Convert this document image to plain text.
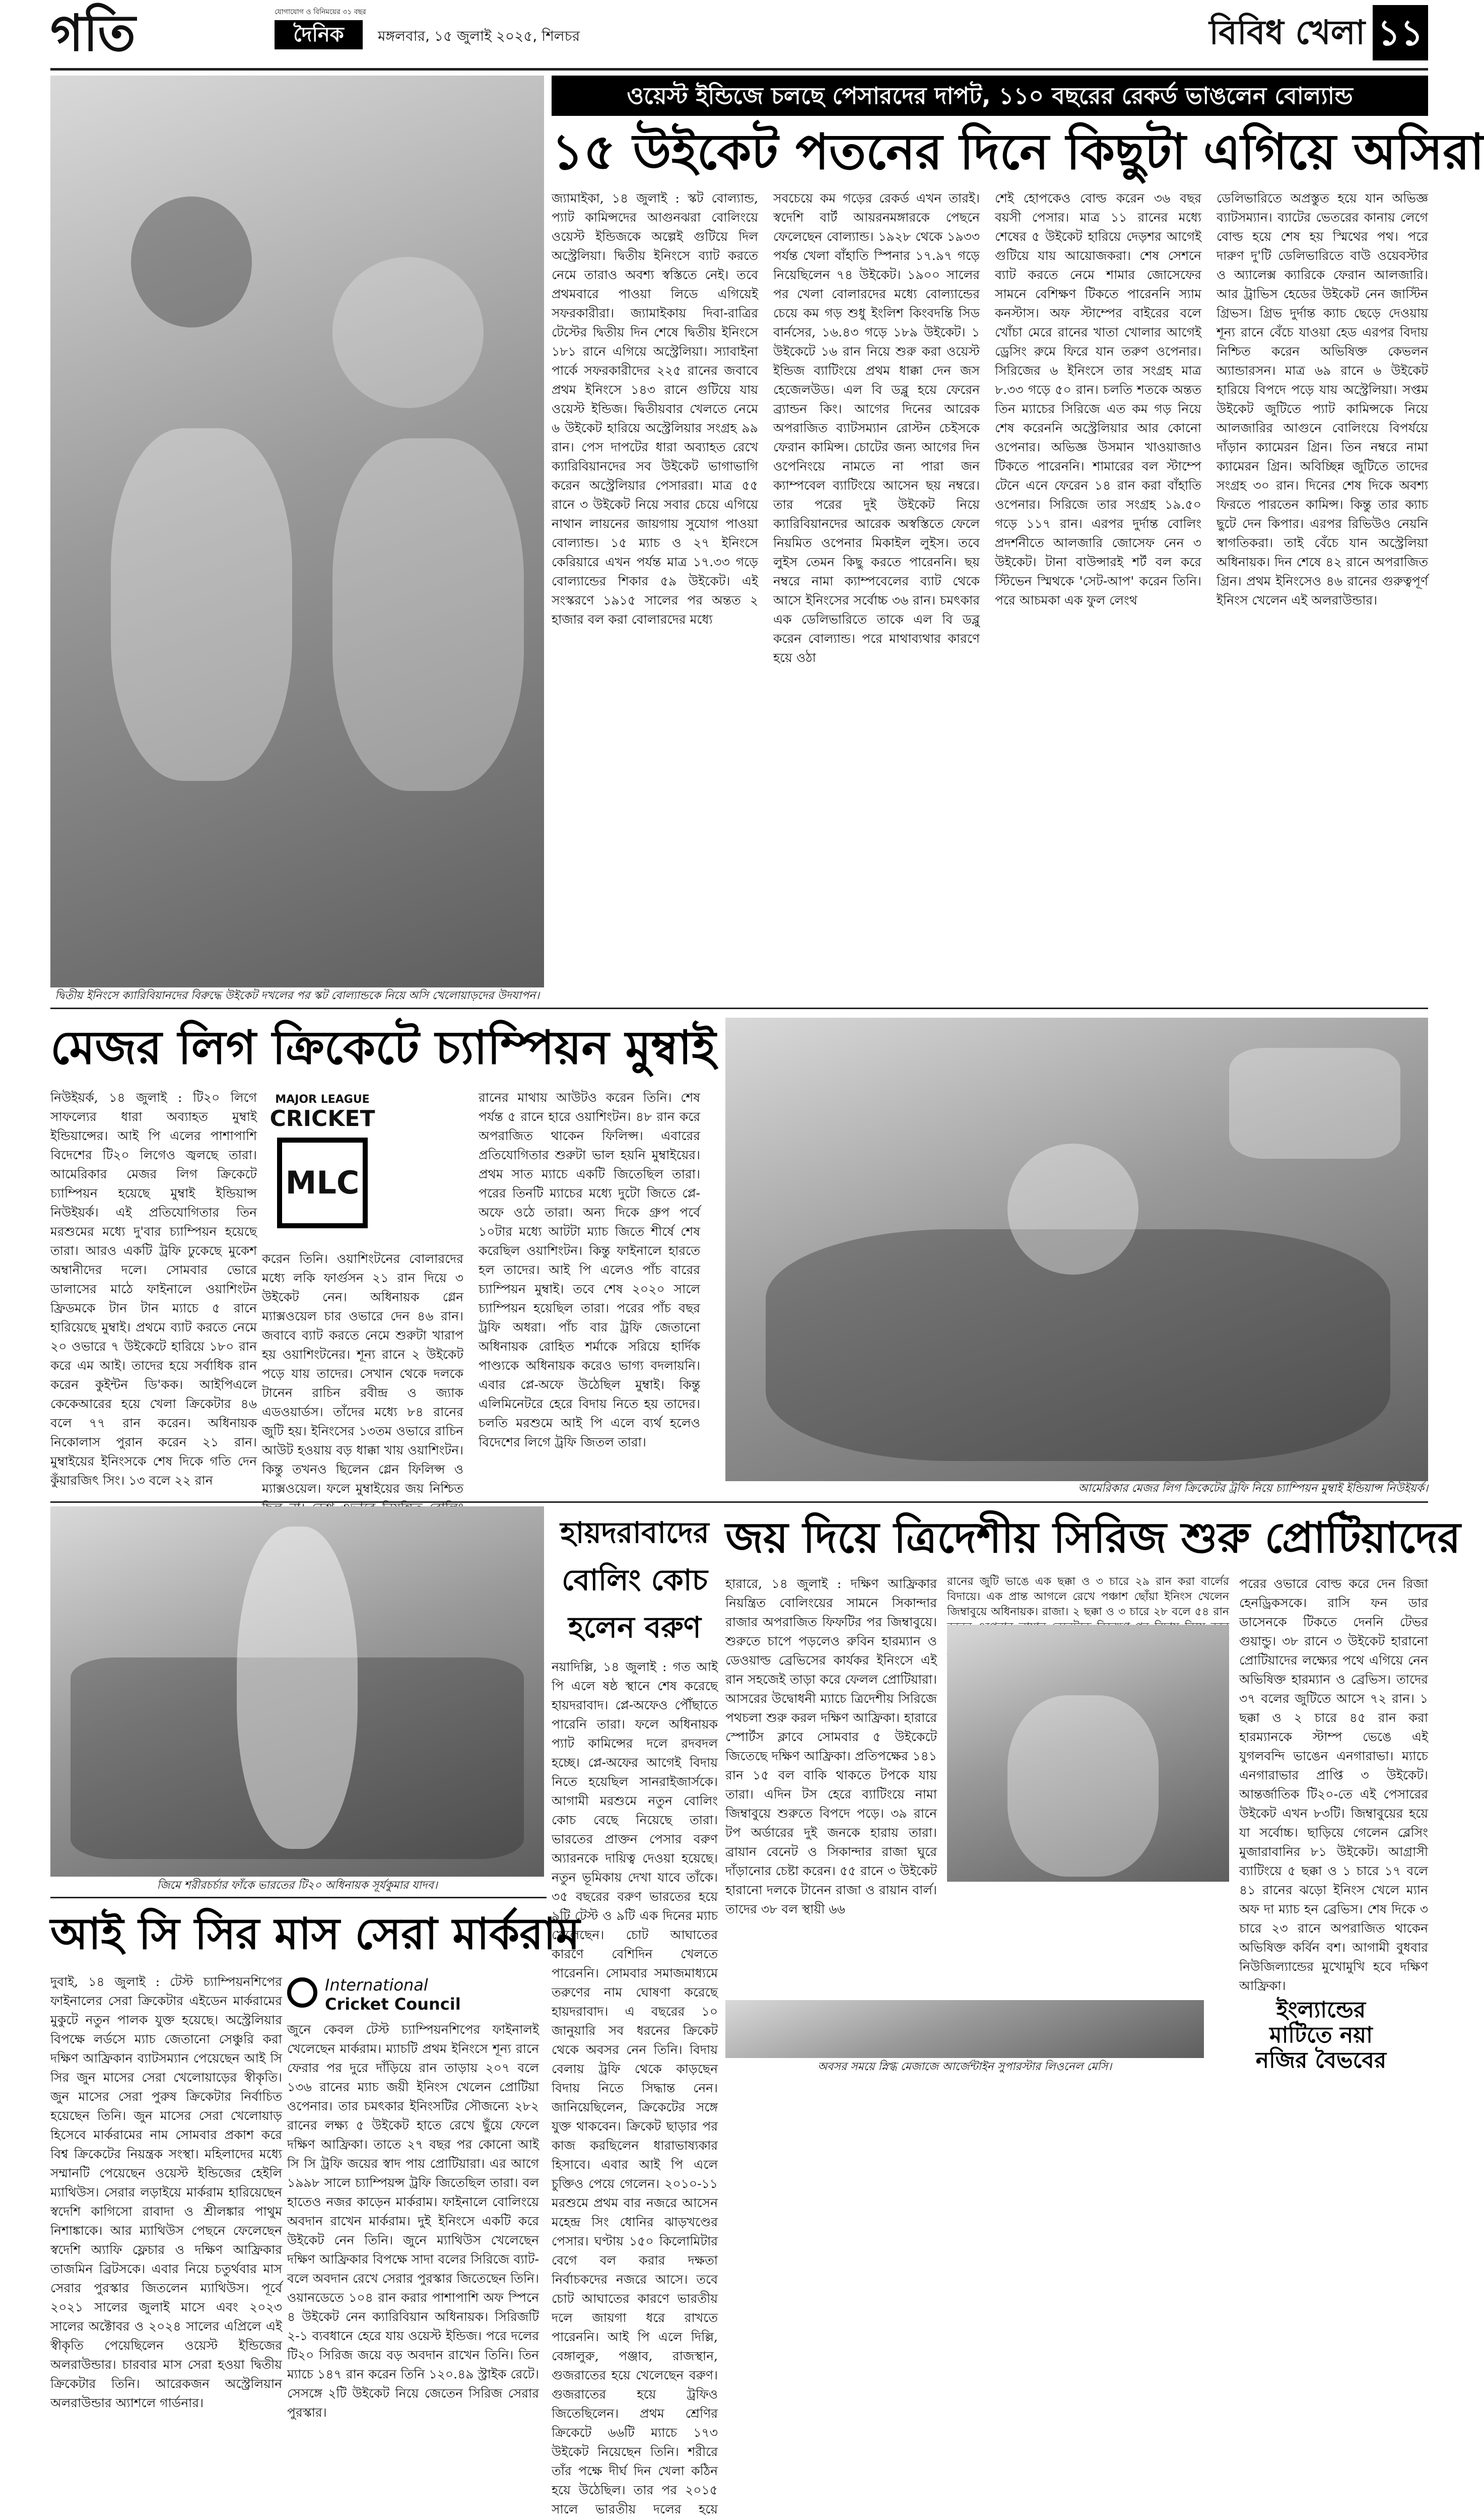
গতি	যোগাযোগ ও বিনিময়ের ৩১ বছর
দৈনিক	মঙ্গলবার, ১৫ জুলাই ২০২৫, শিলচর	বিবিধ খেলা ১১
দ্বিতীয় ইনিংসে ক্যারিবিয়ানদের বিরুদ্ধে উইকেট দখলের পর স্কট বোল্যান্ডকে নিয়ে অসি খেলোয়াড়দের উদযাপন।
ওয়েস্ট ইন্ডিজে চলছে পেসারদের দাপট, ১১০ বছরের রেকর্ড ভাঙলেন বোল্যান্ড
১৫ উইকেট পতনের দিনে কিছুটা এগিয়ে অসিরা
জ্যামাইকা, ১৪ জুলাই : স্কট বোল্যান্ড, প্যাট কামিন্সদের আগুনঝরা বোলিংয়ে ওয়েস্ট ইন্ডিজকে অল্পেই গুটিয়ে দিল অস্ট্রেলিয়া। দ্বিতীয় ইনিংসে ব্যাট করতে নেমে তারাও অবশ্য স্বস্তিতে নেই। তবে প্রথমবারে পাওয়া লিডে এগিয়েই সফরকারীরা। জ্যামাইকায় দিবা-রাত্রির টেস্টের দ্বিতীয় দিন শেষে দ্বিতীয় ইনিংসে ১৮১ রানে এগিয়ে অস্ট্রেলিয়া। স্যাবাইনা পার্কে সফরকারীদের ২২৫ রানের জবাবে প্রথম ইনিংসে ১৪৩ রানে গুটিয়ে যায় ওয়েস্ট ইন্ডিজ। দ্বিতীয়বার খেলতে নেমে ৬ উইকেট হারিয়ে অস্ট্রেলিয়ার সংগ্রহ ৯৯ রান। পেস দাপটের ধারা অব্যাহত রেখে ক্যারিবিয়ানদের সব উইকেট ভাগাভাগি করেন অস্ট্রেলিয়ার পেসাররা। মাত্র ৫৫ রানে ৩ উইকেট নিয়ে সবার চেয়ে এগিয়ে নাথান লায়নের জায়গায় সুযোগ পাওয়া বোল্যান্ড। ১৫ ম্যাচ ও ২৭ ইনিংসে কেরিয়ারে এখন পর্যন্ত মাত্র ১৭.৩৩ গড়ে বোল্যান্ডের শিকার ৫৯ উইকেট। এই সংস্করণে ১৯১৫ সালের পর অন্তত ২ হাজার বল করা বোলারদের মধ্যে
সবচেয়ে কম গড়ের রেকর্ড এখন তারই। স্বদেশি বার্ট আয়রনমঙ্গারকে পেছনে ফেলেছেন বোল্যান্ড। ১৯২৮ থেকে ১৯৩৩ পর্যন্ত খেলা বাঁহাতি স্পিনার ১৭.৯৭ গড়ে নিয়েছিলেন ৭৪ উইকেট। ১৯০০ সালের পর খেলা বোলারদের মধ্যে বোল্যান্ডের চেয়ে কম গড় শুধু ইংলিশ কিংবদন্তি সিড বার্নসের, ১৬.৪৩ গড়ে ১৮৯ উইকেট। ১ উইকেটে ১৬ রান নিয়ে শুরু করা ওয়েস্ট ইন্ডিজ ব্যাটিংয়ে প্রথম ধাক্কা দেন জস হেজেলউড। এল বি ডব্লু হয়ে ফেরেন ব্র্যান্ডন কিং। আগের দিনের আরেক অপরাজিত ব্যাটসম্যান রোস্টন চেইসকে ফেরান কামিন্স। চোটের জন্য আগের দিন ওপেনিংয়ে নামতে না পারা জন ক্যাম্পবেল ব্যাটিংয়ে আসেন ছয় নম্বরে। তার পরের দুই উইকেট নিয়ে ক্যারিবিয়ানদের আরেক অস্বস্তিতে ফেলে নিয়মিত ওপেনার মিকাইল লুইস। তবে লুইস তেমন কিছু করতে পারেননি। ছয় নম্বরে নামা ক্যাম্পবেলের ব্যাট থেকে আসে ইনিংসের সর্বোচ্চ ৩৬ রান। চমৎকার এক ডেলিভারিতে তাকে এল বি ডব্লু করেন বোল্যান্ড। পরে মাথাব্যথার কারণে হয়ে ওঠা
শেই হোপকেও বোল্ড করেন ৩৬ বছর বয়সী পেসার। মাত্র ১১ রানের মধ্যে শেষের ৫ উইকেট হারিয়ে দেড়শর আগেই গুটিয়ে যায় আয়োজকরা। শেষ সেশনে ব্যাট করতে নেমে শামার জোসেফের সামনে বেশিক্ষণ টিকতে পারেননি স্যাম কনস্টাস। অফ স্টাম্পের বাইরের বলে খোঁচা মেরে রানের খাতা খোলার আগেই ড্রেসিং রুমে ফিরে যান তরুণ ওপেনার। সিরিজের ৬ ইনিংসে তার সংগ্রহ মাত্র ৮.৩৩ গড়ে ৫০ রান। চলতি শতকে অন্তত তিন ম্যাচের সিরিজে এত কম গড় নিয়ে শেষ করেননি অস্ট্রেলিয়ার আর কোনো ওপেনার। অভিজ্ঞ উসমান খাওয়াজাও টিকতে পারেননি। শামারের বল স্টাম্পে টেনে এনে ফেরেন ১৪ রান করা বাঁহাতি ওপেনার। সিরিজে তার সংগ্রহ ১৯.৫০ গড়ে ১১৭ রান। এরপর দুর্দান্ত বোলিং প্রদর্শনীতে আলজারি জোসেফ নেন ৩ উইকেট। টানা বাউন্সারই শর্ট বল করে স্টিভেন স্মিথকে 'সেট-আপ' করেন তিনি। পরে আচমকা এক ফুল লেংথ
ডেলিভারিতে অপ্রস্তুত হয়ে যান অভিজ্ঞ ব্যাটসম্যান। ব্যাটের ভেতরের কানায় লেগে বোল্ড হয়ে শেষ হয় স্মিথের পথ। পরে দারুণ দু'টি ডেলিভারিতে বাউ ওয়েবস্টার ও অ্যালেক্স ক্যারিকে ফেরান আলজারি। আর ট্রাভিস হেডের উইকেট নেন জাস্টিন গ্রিভস। গ্রিভ দুর্দান্ত ক্যাচ ছেড়ে দেওয়ায় শূন্য রানে বেঁচে যাওয়া হেড এরপর বিদায় নিশ্চিত করেন অভিষিক্ত কেভলন অ্যান্ডারসন। মাত্র ৬৯ রানে ৬ উইকেট হারিয়ে বিপদে পড়ে যায় অস্ট্রেলিয়া। সপ্তম উইকেট জুটিতে প্যাট কামিন্সকে নিয়ে আলজারির আগুনে বোলিংয়ে বিপর্যয়ে দাঁড়ান ক্যামেরন গ্রিন। তিন নম্বরে নামা ক্যামেরন গ্রিন। অবিচ্ছিন্ন জুটিতে তাদের সংগ্রহ ৩০ রান। দিনের শেষ দিকে অবশ্য ফিরতে পারতেন কামিন্স। কিন্তু তার ক্যাচ ছুটে দেন কিপার। এরপর রিভিউও নেয়নি স্বাগতিকরা। তাই বেঁচে যান অস্ট্রেলিয়া অধিনায়ক। দিন শেষে ৪২ রানে অপরাজিত গ্রিন। প্রথম ইনিংসেও ৪৬ রানের গুরুত্বপূর্ণ ইনিংস খেলেন এই অলরাউন্ডার।
মেজর লিগ ক্রিকেটে চ্যাম্পিয়ন মুম্বাই
নিউইয়র্ক, ১৪ জুলাই : টি২০ লিগে সাফল্যের ধারা অব্যাহত মুম্বাই ইন্ডিয়ান্সের। আই পি এলের পাশাপাশি বিদেশের টি২০ লিগেও জ্বলছে তারা। আমেরিকার মেজর লিগ ক্রিকেটে চ্যাম্পিয়ন হয়েছে মুম্বাই ইন্ডিয়ান্স নিউইয়র্ক। এই প্রতিযোগিতার তিন মরশুমের মধ্যে দু'বার চ্যাম্পিয়ন হয়েছে তারা। আরও একটি ট্রফি ঢুকেছে মুকেশ অম্বানীদের দলে। সোমবার ভোরে ডালাসের মাঠে ফাইনালে ওয়াশিংটন ফ্রিডমকে টান টান ম্যাচে ৫ রানে হারিয়েছে মুম্বাই। প্রথমে ব্যাট করতে নেমে ২০ ওভারে ৭ উইকেটে হারিয়ে ১৮০ রান করে এম আই। তাদের হয়ে সর্বাধিক রান করেন কুইন্টন ডি'কক। আইপিএলে কেকেআরের হয়ে খেলা ক্রিকেটার ৪৬ বলে ৭৭ রান করেন। অধিনায়ক নিকোলাস পুরান করেন ২১ রান। মুম্বাইয়ের ইনিংসকে শেষ দিকে গতি দেন কুঁয়ারজিৎ সিং। ১৩ বলে ২২ রান
MAJOR LEAGUE
CRICKET
MLC
করেন তিনি। ওয়াশিংটনের বোলারদের মধ্যে লকি ফার্গুসন ২১ রান দিয়ে ৩ উইকেট নেন। অধিনায়ক গ্লেন ম্যাক্সওয়েল চার ওভারে দেন ৪৬ রান। জবাবে ব্যাট করতে নেমে শুরুটা খারাপ হয় ওয়াশিংটনের। শূন্য রানে ২ উইকেট পড়ে যায় তাদের। সেখান থেকে দলকে টানেন রাচিন রবীন্দ্র ও জ্যাক এডওয়ার্ডস। তাঁদের মধ্যে ৮৪ রানের জুটি হয়। ইনিংসের ১৩তম ওভারে রাচিন আউট হওয়ায় বড় ধাক্কা খায় ওয়াশিংটন। কিন্তু তখনও ছিলেন গ্লেন ফিলিপ্স ও ম্যাক্সওয়েল। ফলে মুম্বাইয়ের জয় নিশ্চিত
রানের মাথায় আউটও করেন তিনি। শেষ পর্যন্ত ৫ রানে হারে ওয়াশিংটন। ৪৮ রান করে অপরাজিত থাকেন ফিলিপ্স। এবারের প্রতিযোগিতার শুরুটা ভাল হয়নি মুম্বাইয়ের। প্রথম সাত ম্যাচে একটি জিতেছিল তারা। পরের তিনটি ম্যাচের মধ্যে দুটো জিতে প্লে-অফে ওঠে তারা। অন্য দিকে গ্রুপ পর্বে ১০টার মধ্যে আটটা ম্যাচ জিতে শীর্ষে শেষ করেছিল ওয়াশিংটন। কিন্তু ফাইনালে হারতে হল তাদের। আই পি এলেও পাঁচ বারের চ্যাম্পিয়ন মুম্বাই। তবে শেষ ২০২০ সালে চ্যাম্পিয়ন হয়েছিল তারা। পরের পাঁচ বছর ট্রফি অধরা। পাঁচ বার ট্রফি জেতানো অধিনায়ক রোহিত শর্মাকে সরিয়ে হার্দিক পাণ্ড্যকে অধিনায়ক করেও ভাগ্য বদলায়নি। এবার প্লে-অফে উঠেছিল মুম্বাই। কিন্তু এলিমিনেটরে হেরে বিদায় নিতে হয় তাদের। চলতি মরশুমে আই পি এলে ব্যর্থ হলেও বিদেশের লিগে ট্রফি জিতল তারা।
আমেরিকার মেজর লিগ ক্রিকেটের ট্রফি নিয়ে চ্যাম্পিয়ন মুম্বাই ইন্ডিয়ান্স নিউইয়র্ক।
জয় দিয়ে ত্রিদেশীয় সিরিজ শুরু প্রোটিয়াদের
হারারে, ১৪ জুলাই : দক্ষিণ আফ্রিকার নিয়ন্ত্রিত বোলিংয়ের সামনে সিকান্দার রাজার অপরাজিত ফিফটির পর জিম্বাবুয়ে। শুরুতে চাপে পড়লেও রুবিন হারম্যান ও ডেওয়াল্ড ব্রেভিসের কার্যকর ইনিংসে এই রান সহজেই তাড়া করে ফেলল প্রোটিয়ারা। আসরের উদ্বোধনী ম্যাচে ত্রিদেশীয় সিরিজে পথচলা শুরু করল দক্ষিণ আফ্রিকা। হারারে স্পোর্টস ক্লাবে সোমবার ৫ উইকেটে জিতেছে দক্ষিণ আফ্রিকা। প্রতিপক্ষের ১৪১ রান ১৫ বল বাকি থাকতে টপকে যায় তারা। এদিন টস হেরে ব্যাটিংয়ে নামা জিম্বাবুয়ে শুরুতে বিপদে পড়ে। ৩৯ রানে টপ অর্ডারের দুই জনকে হারায় তারা। ব্রায়ান বেনেট ও সিকান্দার রাজা ঘুরে দাঁড়ানোর চেষ্টা করেন। ৫৫ রানে ৩ উইকেট হারানো দলকে টানেন রাজা ও রায়ান বার্ল। তাদের ৩৮ বল স্থায়ী ৬৬
রানের জুটি ভাঙে এক ছক্কা ও ৩ চারে ২৯ রান করা বার্লের বিদায়ে। এক প্রান্ত আগলে রেখে পঞ্চাশ ছোঁয়া ইনিংস খেলেন জিম্বাবুয়ে অধিনায়ক। রাজা। ২ ছক্কা ও ৩ চারে ২৮ বলে ৫৪ রান
পরের ওভারে বোল্ড করে দেন রিজা হেনড্রিকসকে। রাসি ফন ডার ডাসেনকে টিকতে দেননি টেভর গুয়ান্ডু। ৩৮ রানে ৩ উইকেট হারানো প্রোটিয়াদের লক্ষ্যের পথে এগিয়ে নেন অভিষিক্ত হারম্যান ও ব্রেভিস। তাদের ৩৭ বলের জুটিতে আসে ৭২ রান। ১ ছক্কা ও ২ চারে ৪৫ রান করা হারম্যানকে স্টাম্প ভেঙে এই যুগলবন্দি ভাঙেন এনগারাভা। ম্যাচে এনগারাভার প্রাপ্তি ৩ উইকেট। আন্তর্জাতিক টি২০-তে এই পেসারের উইকেট এখন ৮৩টি। জিম্বাবুয়ের হয়ে যা সর্বোচ্চ। ছাড়িয়ে গেলেন ব্লেসিং মুজারাবানির ৮১ উইকেট। আগ্রাসী ব্যাটিংয়ে ৫ ছক্কা ও ১ চারে ১৭ বলে ৪১ রানের ঝড়ো ইনিংস খেলে ম্যান অফ দা ম্যাচ হন ব্রেভিস। শেষ দিকে ৩ চারে ২৩ রানে অপরাজিত থাকেন অভিষিক্ত কর্বিন বশ। আগামী বুধবার নিউজিল্যান্ডের মুখোমুখি হবে দক্ষিণ আফ্রিকা।
জিমে শরীরচর্চার ফাঁকে ভারতের টি২০ অধিনায়ক সূর্যকুমার যাদব।
হায়দরাবাদের
বোলিং কোচ
হলেন বরুণ
নয়াদিল্লি, ১৪ জুলাই : গত আই পি এলে ষষ্ঠ স্থানে শেষ করেছে হায়দরাবাদ। প্লে-অফেও পৌঁছাতে পারেনি তারা। ফলে অধিনায়ক প্যাট কামিন্সের দলে রদবদল হচ্ছে। প্লে-অফের আগেই বিদায় নিতে হয়েছিল সানরাইজার্সকে। আগামী মরশুমে নতুন বোলিং কোচ বেছে নিয়েছে তারা। ভারতের প্রাক্তন পেসার বরুণ অ্যারনকে দায়িত্ব দেওয়া হয়েছে। নতুন ভূমিকায় দেখা যাবে তাঁকে। ৩৫ বছরের বরুণ ভারতের হয়ে ৯টি টেস্ট ও ৯টি এক দিনের ম্যাচ খেলেছেন। চোট আঘাতের কারণে বেশিদিন খেলতে পারেননি। সোমবার সমাজমাধ্যমে তরুণের নাম ঘোষণা করেছে হায়দরাবাদ। এ বছরের ১০ জানুয়ারি সব ধরনের ক্রিকেট থেকে অবসর নেন তিনি। বিদায় বেলায় ট্রফি থেকে কাড়ছেন বিদায় নিতে সিদ্ধান্ত নেন। জানিয়েছিলেন, ক্রিকেটের সঙ্গে যুক্ত থাকবেন। ক্রিকেট ছাড়ার পর কাজ করছিলেন ধারাভাষ্যকার হিসাবে। এবার আই পি এলে চুক্তিও পেয়ে গেলেন। ২০১০-১১ মরশুমে প্রথম বার নজরে আসেন মহেন্দ্র সিং ধোনির ঝাড়খণ্ডের পেসার। ঘণ্টায় ১৫০ কিলোমিটার বেগে বল করার দক্ষতা নির্বাচকদের নজরে আসে। তবে চোট আঘাতের কারণে ভারতীয় দলে জায়গা ধরে রাখতে পারেননি। আই পি এলে দিল্লি, বেঙ্গালুরু, পঞ্জাব, রাজস্থান, গুজরাতের হয়ে খেলেছেন বরুণ। গুজরাতের হয়ে ট্রফিও জিতেছিলেন। প্রথম শ্রেণির ক্রিকেটে ৬৬টি ম্যাচে ১৭৩ উইকেট নিয়েছেন তিনি। শরীরে তাঁর পক্ষে দীর্ঘ দিন খেলা কঠিন হয়ে উঠেছিল। তার পর ২০১৫ সালে ভারতীয় দলের হয়ে
আই সি সির মাস সেরা মার্করাম
দুবাই, ১৪ জুলাই : টেস্ট চ্যাম্পিয়নশিপের ফাইনালের সেরা ক্রিকেটার এইডেন মার্করামের মুকুটে নতুন পালক যুক্ত হয়েছে। অস্ট্রেলিয়ার বিপক্ষে লর্ডসে ম্যাচ জেতানো সেঞ্চুরি করা দক্ষিণ আফ্রিকান ব্যাটসম্যান পেয়েছেন আই সি সির জুন মাসের সেরা খেলোয়াড়ের স্বীকৃতি। জুন মাসের সেরা পুরুষ ক্রিকেটার নির্বাচিত হয়েছেন তিনি। জুন মাসের সেরা খেলোয়াড় হিসেবে মার্করামের নাম সোমবার প্রকাশ করে বিশ্ব ক্রিকেটের নিয়ন্ত্রক সংস্থা। মহিলাদের মধ্যে সম্মানটি পেয়েছেন ওয়েস্ট ইন্ডিজের হেইলি ম্যাথিউস। সেরার লড়াইয়ে মার্করাম হারিয়েছেন স্বদেশি কাগিসো রাবাদা ও শ্রীলঙ্কার পাথুম নিশাঙ্কাকে। আর ম্যাথিউস পেছনে ফেলেছেন স্বদেশি অ্যাফি ফ্লেচার ও দক্ষিণ আফ্রিকার তাজমিন ব্রিটসকে। এবার নিয়ে চতুর্থবার মাস সেরার পুরস্কার জিতলেন ম্যাথিউস। পূর্বে ২০২১ সালের জুলাই মাসে এবং ২০২৩ সালের অক্টোবর ও ২০২৪ সালের এপ্রিলে এই স্বীকৃতি পেয়েছিলেন ওয়েস্ট ইন্ডিজের অলরাউন্ডার। চারবার মাস সেরা হওয়া দ্বিতীয় ক্রিকেটার তিনি। আরেকজন অস্ট্রেলিয়ান অলরাউন্ডার অ্যাশলে গার্ডনার।
International
Cricket Council
জুনে কেবল টেস্ট চ্যাম্পিয়নশিপের ফাইনালই খেলেছেন মার্করাম। ম্যাচটি প্রথম ইনিংসে শূন্য রানে ফেরার পর দুরে দাঁড়িয়ে রান তাড়ায় ২০৭ বলে ১৩৬ রানের ম্যাচ জয়ী ইনিংস খেলেন প্রোটিয়া ওপেনার। তার চমৎকার ইনিংসটির সৌজন্যে ২৮২ রানের লক্ষ্য ৫ উইকেট হাতে রেখে ছুঁয়ে ফেলে দক্ষিণ আফ্রিকা। তাতে ২৭ বছর পর কোনো আই সি সি ট্রফি জয়ের স্বাদ পায় প্রোটিয়ারা। এর আগে ১৯৯৮ সালে চ্যাম্পিয়ন্স ট্রফি জিতেছিল তারা। বল হাতেও নজর কাড়েন মার্করাম। ফাইনালে বোলিংয়ে অবদান রাখেন মার্করাম। দুই ইনিংসে একটি করে উইকেট নেন তিনি। জুনে ম্যাথিউস খেলেছেন দক্ষিণ আফ্রিকার বিপক্ষে সাদা বলের সিরিজে ব্যাট-বলে অবদান রেখে সেরার পুরস্কার জিতেছেন তিনি। ওয়ানডেতে ১০৪ রান করার পাশাপাশি অফ স্পিনে ৪ উইকেট নেন ক্যারিবিয়ান অধিনায়ক। সিরিজটি ২-১ ব্যবধানে হেরে যায় ওয়েস্ট ইন্ডিজ। পরে দলের টি২০ সিরিজ জয়ে বড় অবদান রাখেন তিনি। তিন ম্যাচে ১৪৭ রান করেন তিনি ১২০.৪৯ স্ট্রাইক রেটে। সেসঙ্গে ২টি উইকেট নিয়ে জেতেন সিরিজ সেরার পুরস্কার।
অবসর সময়ে স্নিগ্ধ মেজাজে আর্জেন্টাইন সুপারস্টার লিওনেল মেসি।
ইংল্যান্ডের
মাটিতে নয়া
নজির বৈভবের
